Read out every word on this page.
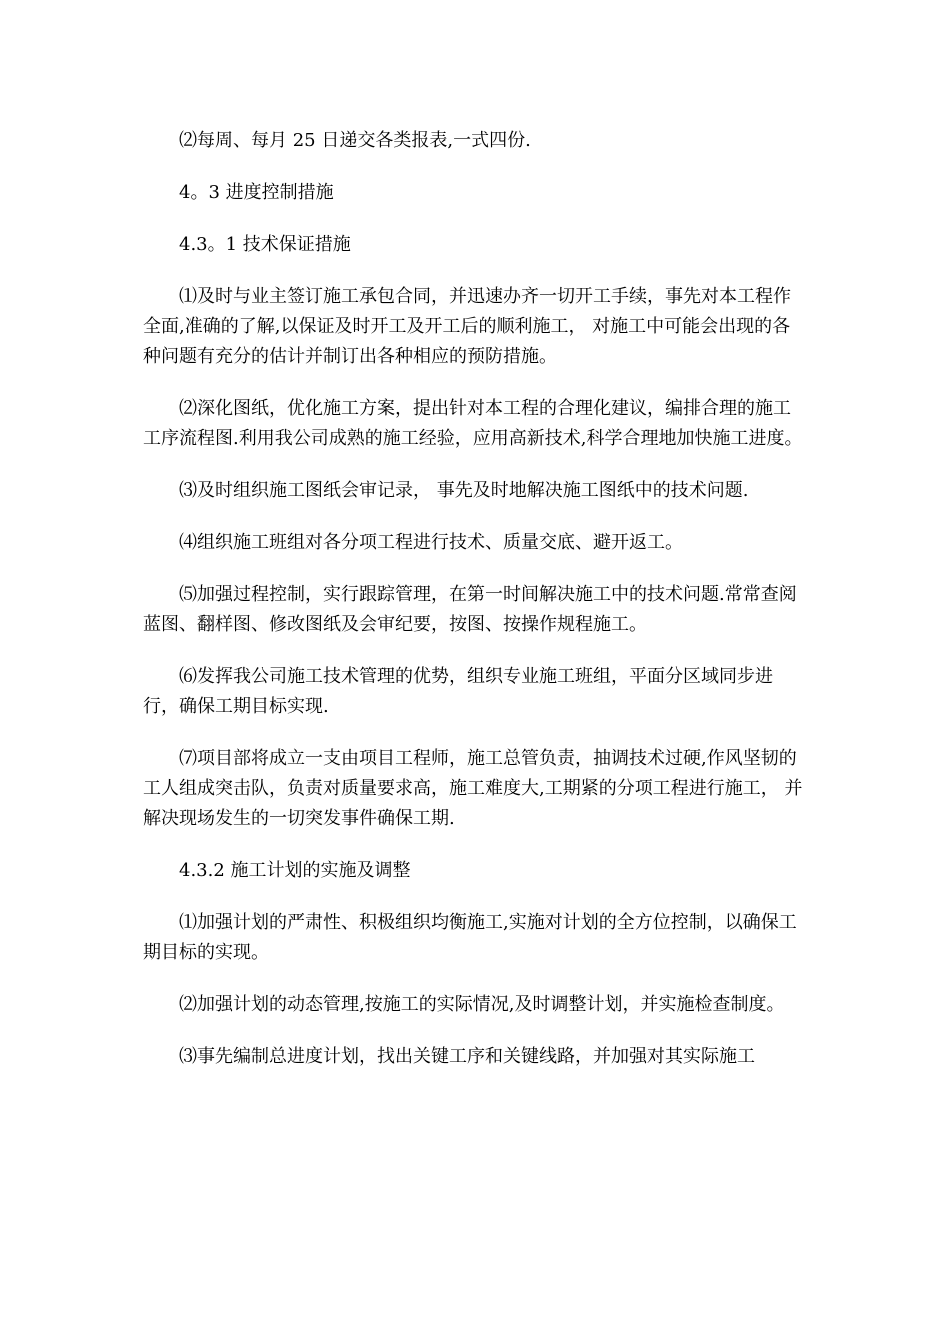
⑵每周、每月 25 日递交各类报表,一式四份.

4。3 进度控制措施

4.3。1 技术保证措施

⑴及时与业主签订施工承包合同，并迅速办齐一切开工手续，事先对本工程作全面,准确的了解,以保证及时开工及开工后的顺利施工， 对施工中可能会出现的各种问题有充分的估计并制订出各种相应的预防措施。

⑵深化图纸，优化施工方案，提出针对本工程的合理化建议，编排合理的施工工序流程图.利用我公司成熟的施工经验，应用高新技术,科学合理地加快施工进度。

⑶及时组织施工图纸会审记录， 事先及时地解决施工图纸中的技术问题.

⑷组织施工班组对各分项工程进行技术、质量交底、避开返工。

⑸加强过程控制，实行跟踪管理，在第一时间解决施工中的技术问题.常常查阅蓝图、翻样图、修改图纸及会审纪要，按图、按操作规程施工。

⑹发挥我公司施工技术管理的优势，组织专业施工班组，平面分区域同步进行，确保工期目标实现.

⑺项目部将成立一支由项目工程师，施工总管负责，抽调技术过硬,作风坚韧的工人组成突击队，负责对质量要求高，施工难度大,工期紧的分项工程进行施工， 并解决现场发生的一切突发事件确保工期.

4.3.2 施工计划的实施及调整

⑴加强计划的严肃性、积极组织均衡施工,实施对计划的全方位控制，以确保工期目标的实现。

⑵加强计划的动态管理,按施工的实际情况,及时调整计划，并实施检查制度。

⑶事先编制总进度计划，找出关键工序和关键线路，并加强对其实际施工
